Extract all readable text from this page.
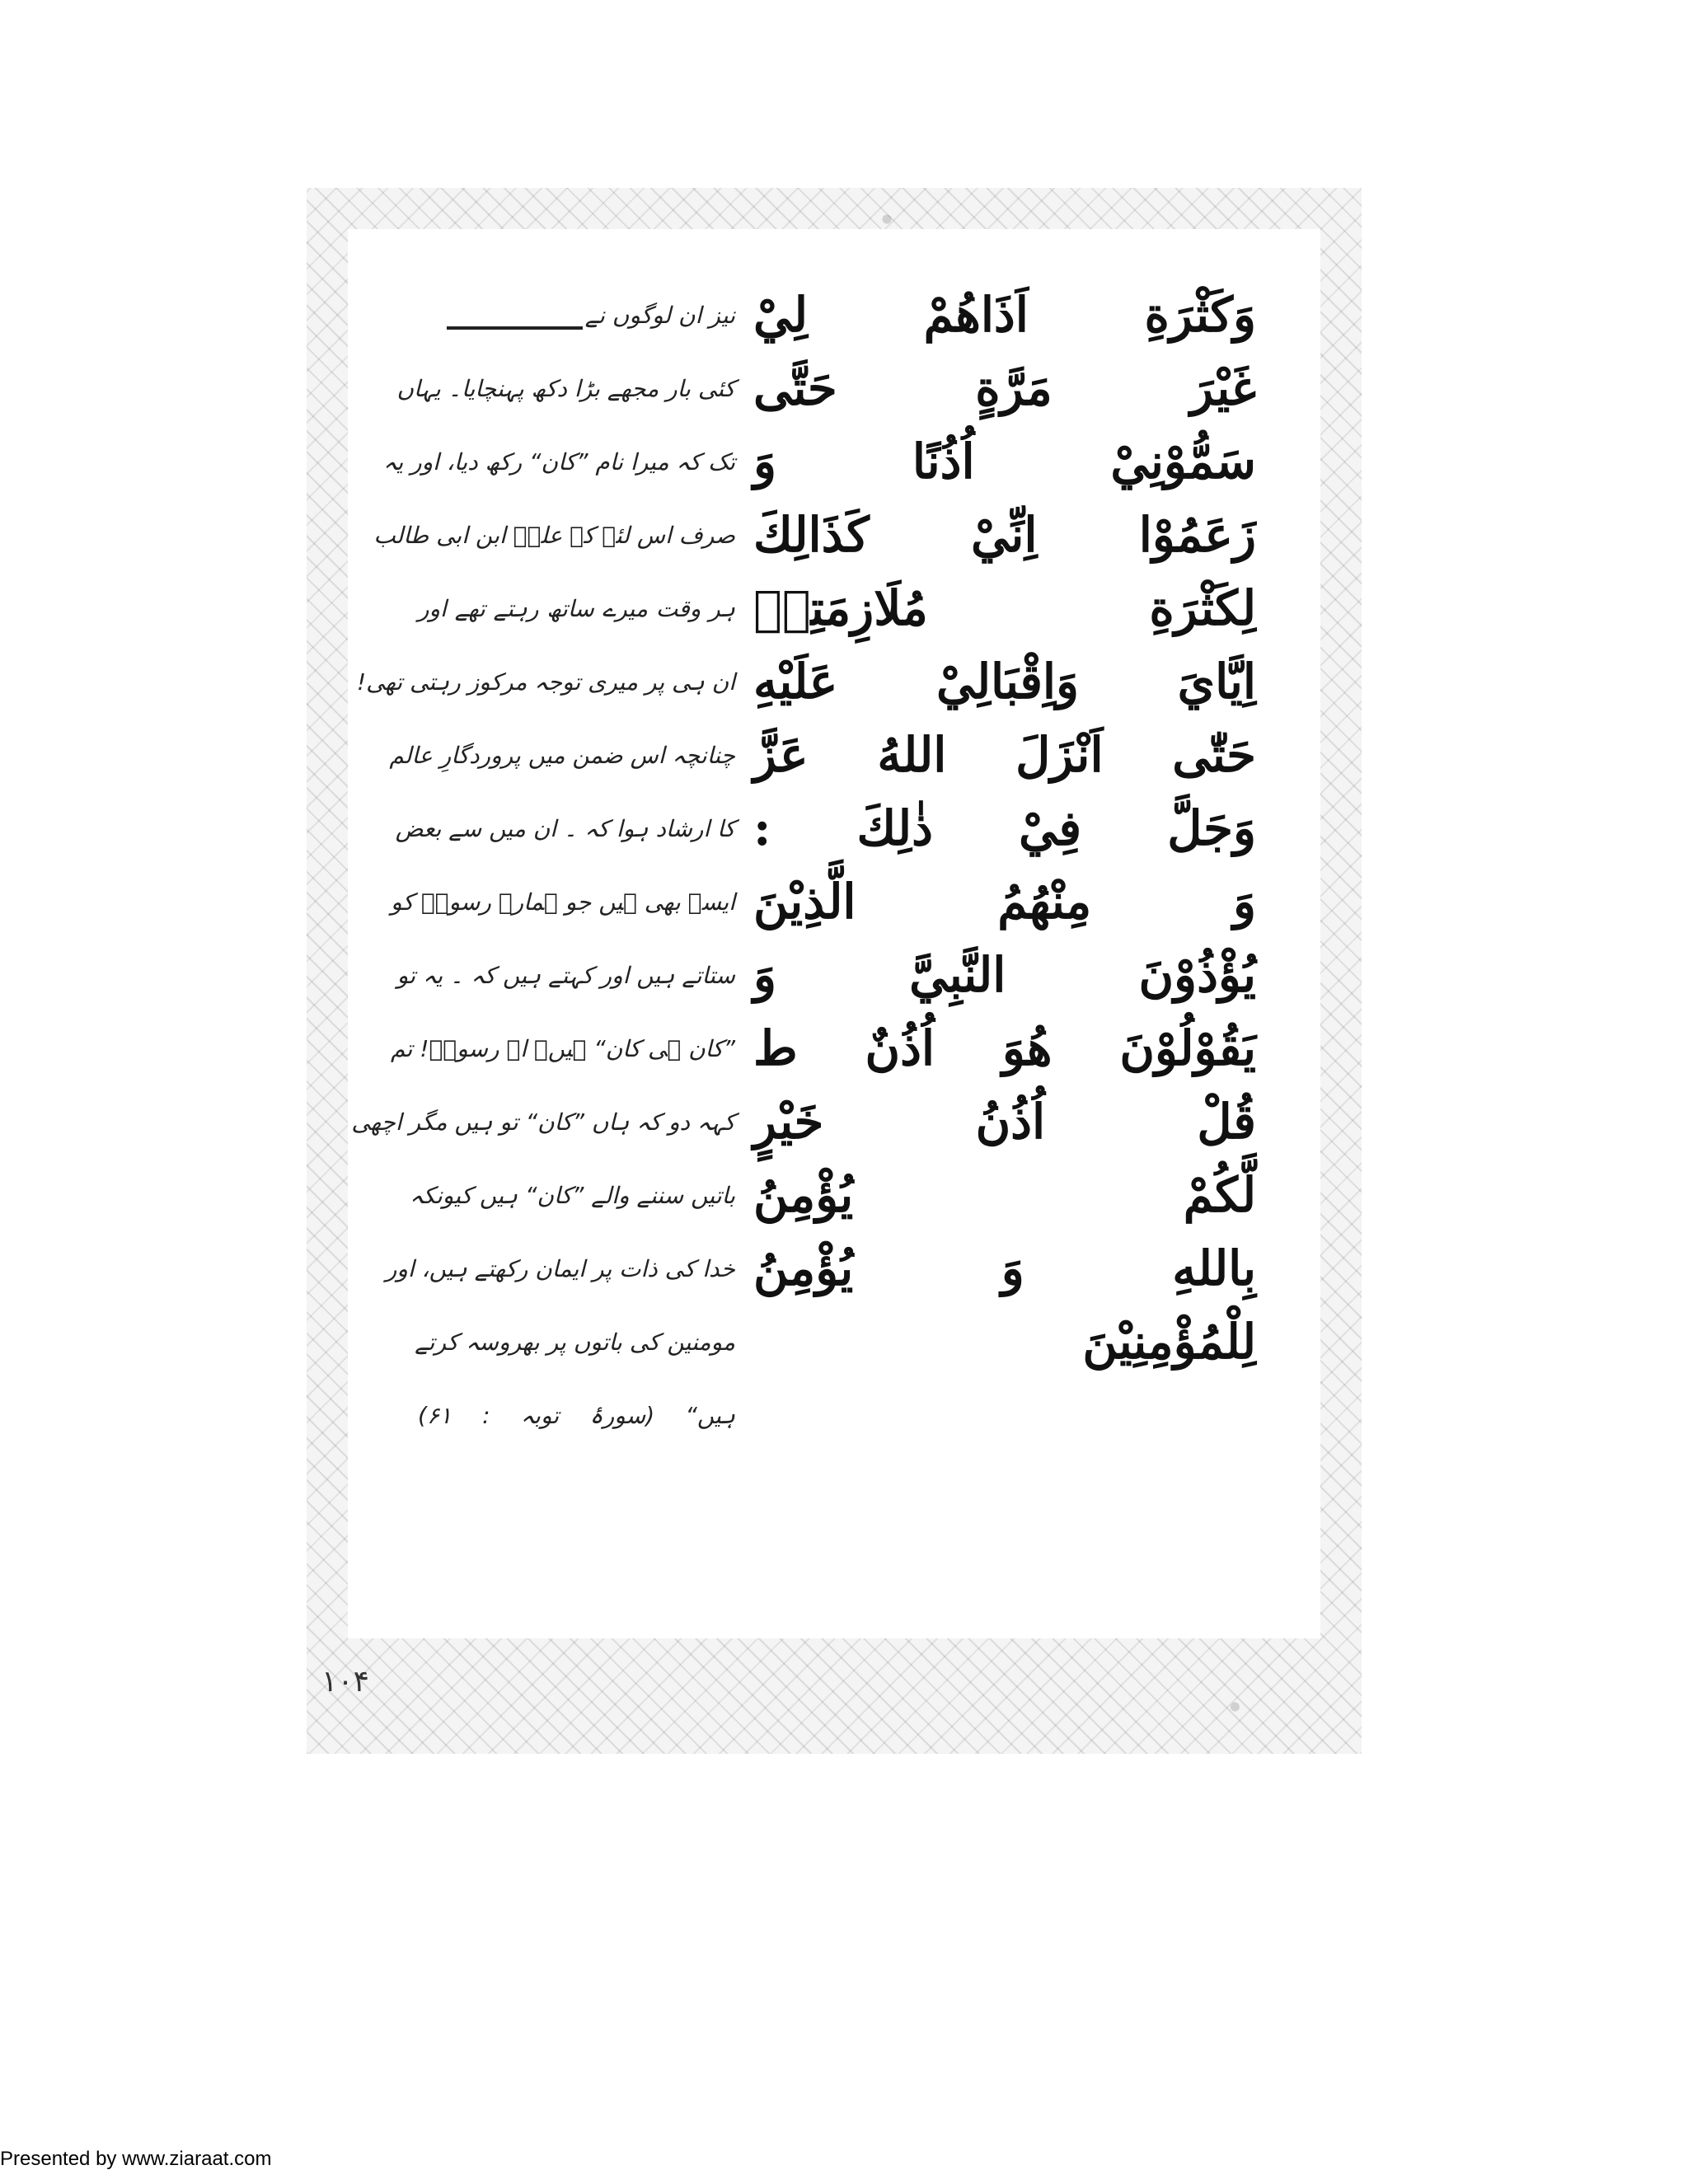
وَكَثْرَةِ اَذَاهُمْ لِيْ
غَيْرَ مَرَّةٍ حَتَّى
سَمُّوْنِيْ اُذُنًا وَ
زَعَمُوْا اِنِّيْ كَذَالِكَ
لِكَثْرَةِ مُلَازِمَتِهٖ
اِيَّايَ وَاِقْبَالِيْ عَلَيْهِ
حَتّٰى اَنْزَلَ اللهُ عَزَّ
وَجَلَّ فِيْ ذٰلِكَ :
وَ مِنْهُمُ الَّذِيْنَ
يُؤْذُوْنَ النَّبِيَّ وَ
يَقُوْلُوْنَ هُوَ اُذُنٌ ط
قُلْ اُذُنُ خَيْرٍ
لَّكُمْ يُؤْمِنُ
بِاللهِ وَ يُؤْمِنُ
لِلْمُؤْمِنِيْنَ
نیز ان لوگوں نے
کئی بار مجھے بڑا دکھ پہنچایا۔ یہاں
تک کہ میرا نام ”کان“ رکھ دیا، اور یہ
صرف اس لئے کہ علیؑ ابن ابی طالب
ہر وقت میرے ساتھ رہتے تھے اور
ان ہی پر میری توجہ مرکوز رہتی تھی!
چنانچہ اس ضمن میں پروردگارِ عالم
کا ارشاد ہوا کہ ۔ ان میں سے بعض
ایسے بھی ہیں جو ہمارے رسولؐ کو
ستاتے ہیں اور کہتے ہیں کہ ۔ یہ تو
”کان ہی کان“ ہیں۔ اے رسولؐ! تم
کہہ دو کہ ہاں ”کان“ تو ہیں مگر اچھی
باتیں سننے والے ”کان“ ہیں کیونکہ
خدا کی ذات پر ایمان رکھتے ہیں، اور
مومنین کی باتوں پر بھروسہ کرتے
ہیں“ (سورۂ توبہ : ۶۱)
۱۰۴
Presented by www.ziaraat.com
